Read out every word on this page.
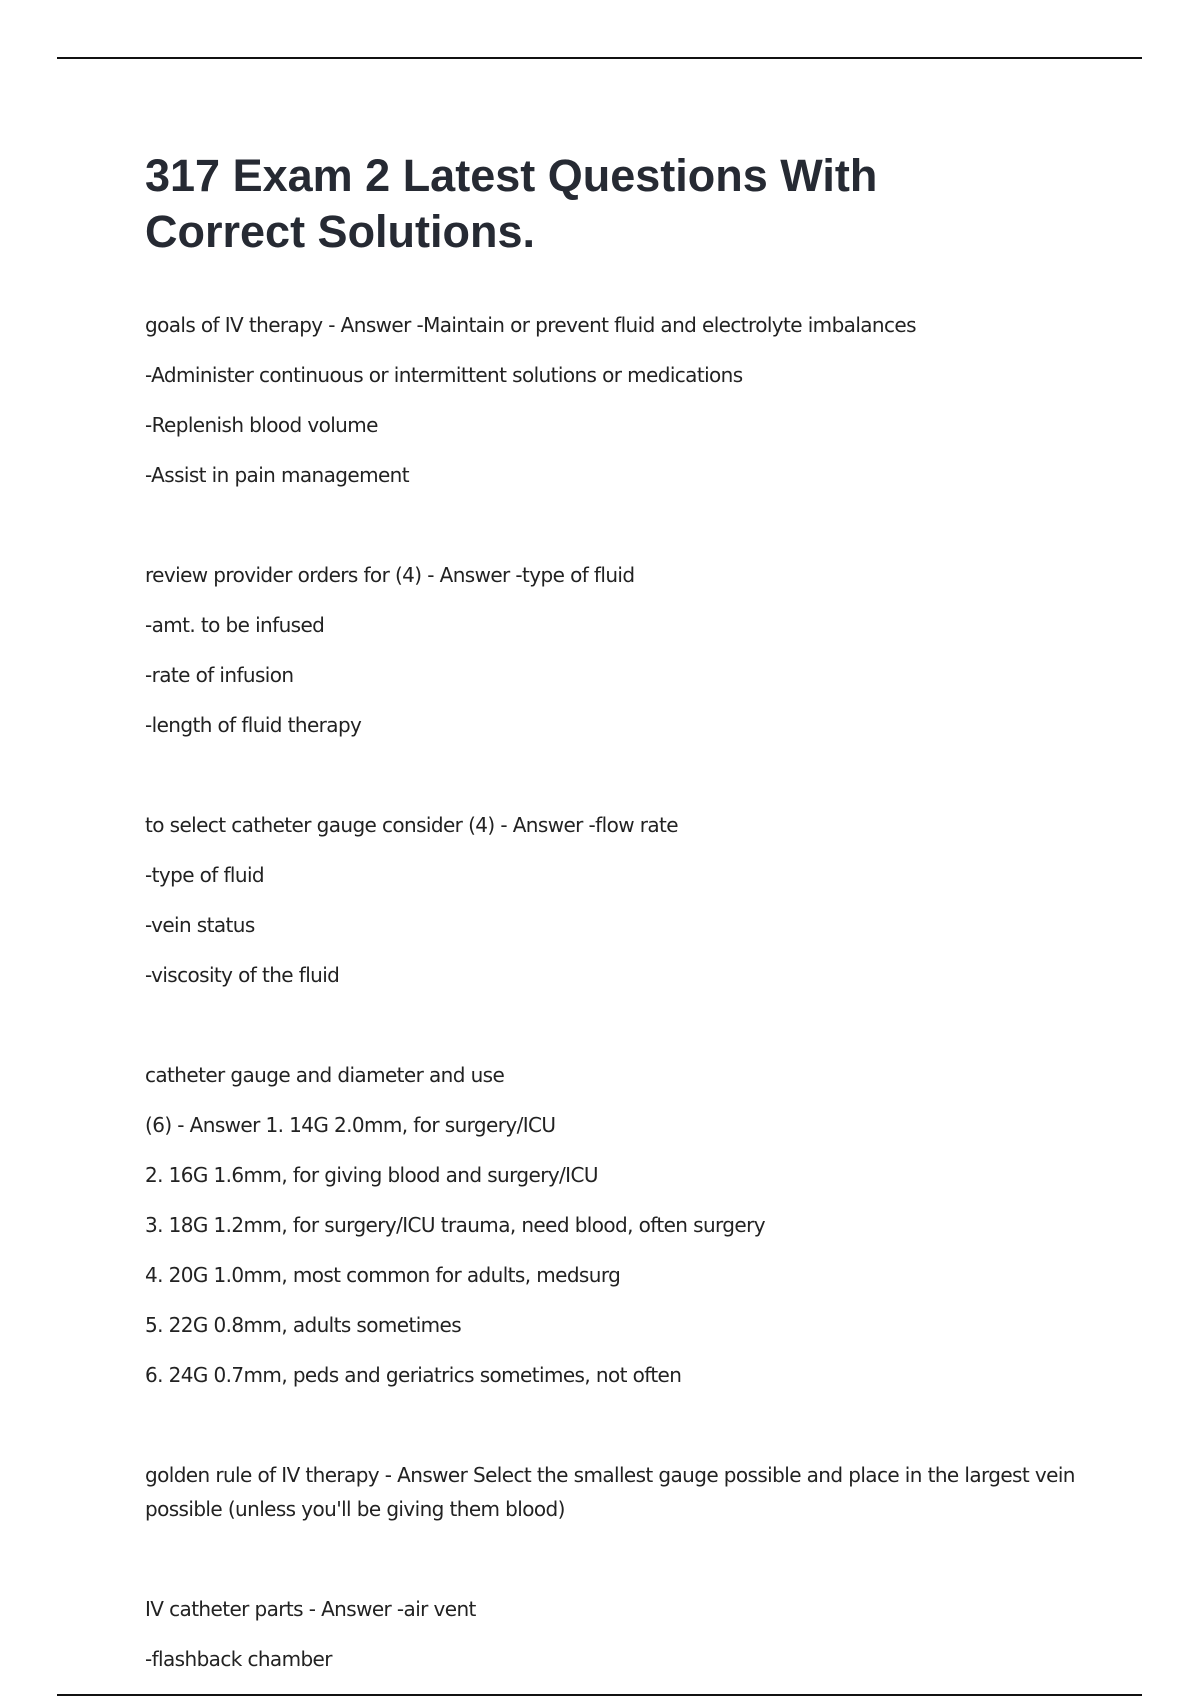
317 Exam 2 Latest Questions With
Correct Solutions.
goals of IV therapy - Answer -Maintain or prevent fluid and electrolyte imbalances
-Administer continuous or intermittent solutions or medications
-Replenish blood volume
-Assist in pain management
review provider orders for (4) - Answer -type of fluid
-amt. to be infused
-rate of infusion
-length of fluid therapy
to select catheter gauge consider (4) - Answer -flow rate
-type of fluid
-vein status
-viscosity of the fluid
catheter gauge and diameter and use
(6) - Answer 1. 14G 2.0mm, for surgery/ICU
2. 16G 1.6mm, for giving blood and surgery/ICU
3. 18G 1.2mm, for surgery/ICU trauma, need blood, often surgery
4. 20G 1.0mm, most common for adults, medsurg
5. 22G 0.8mm, adults sometimes
6. 24G 0.7mm, peds and geriatrics sometimes, not often
golden rule of IV therapy - Answer Select the smallest gauge possible and place in the largest vein possible (unless you'll be giving them blood)
IV catheter parts - Answer -air vent
-flashback chamber
